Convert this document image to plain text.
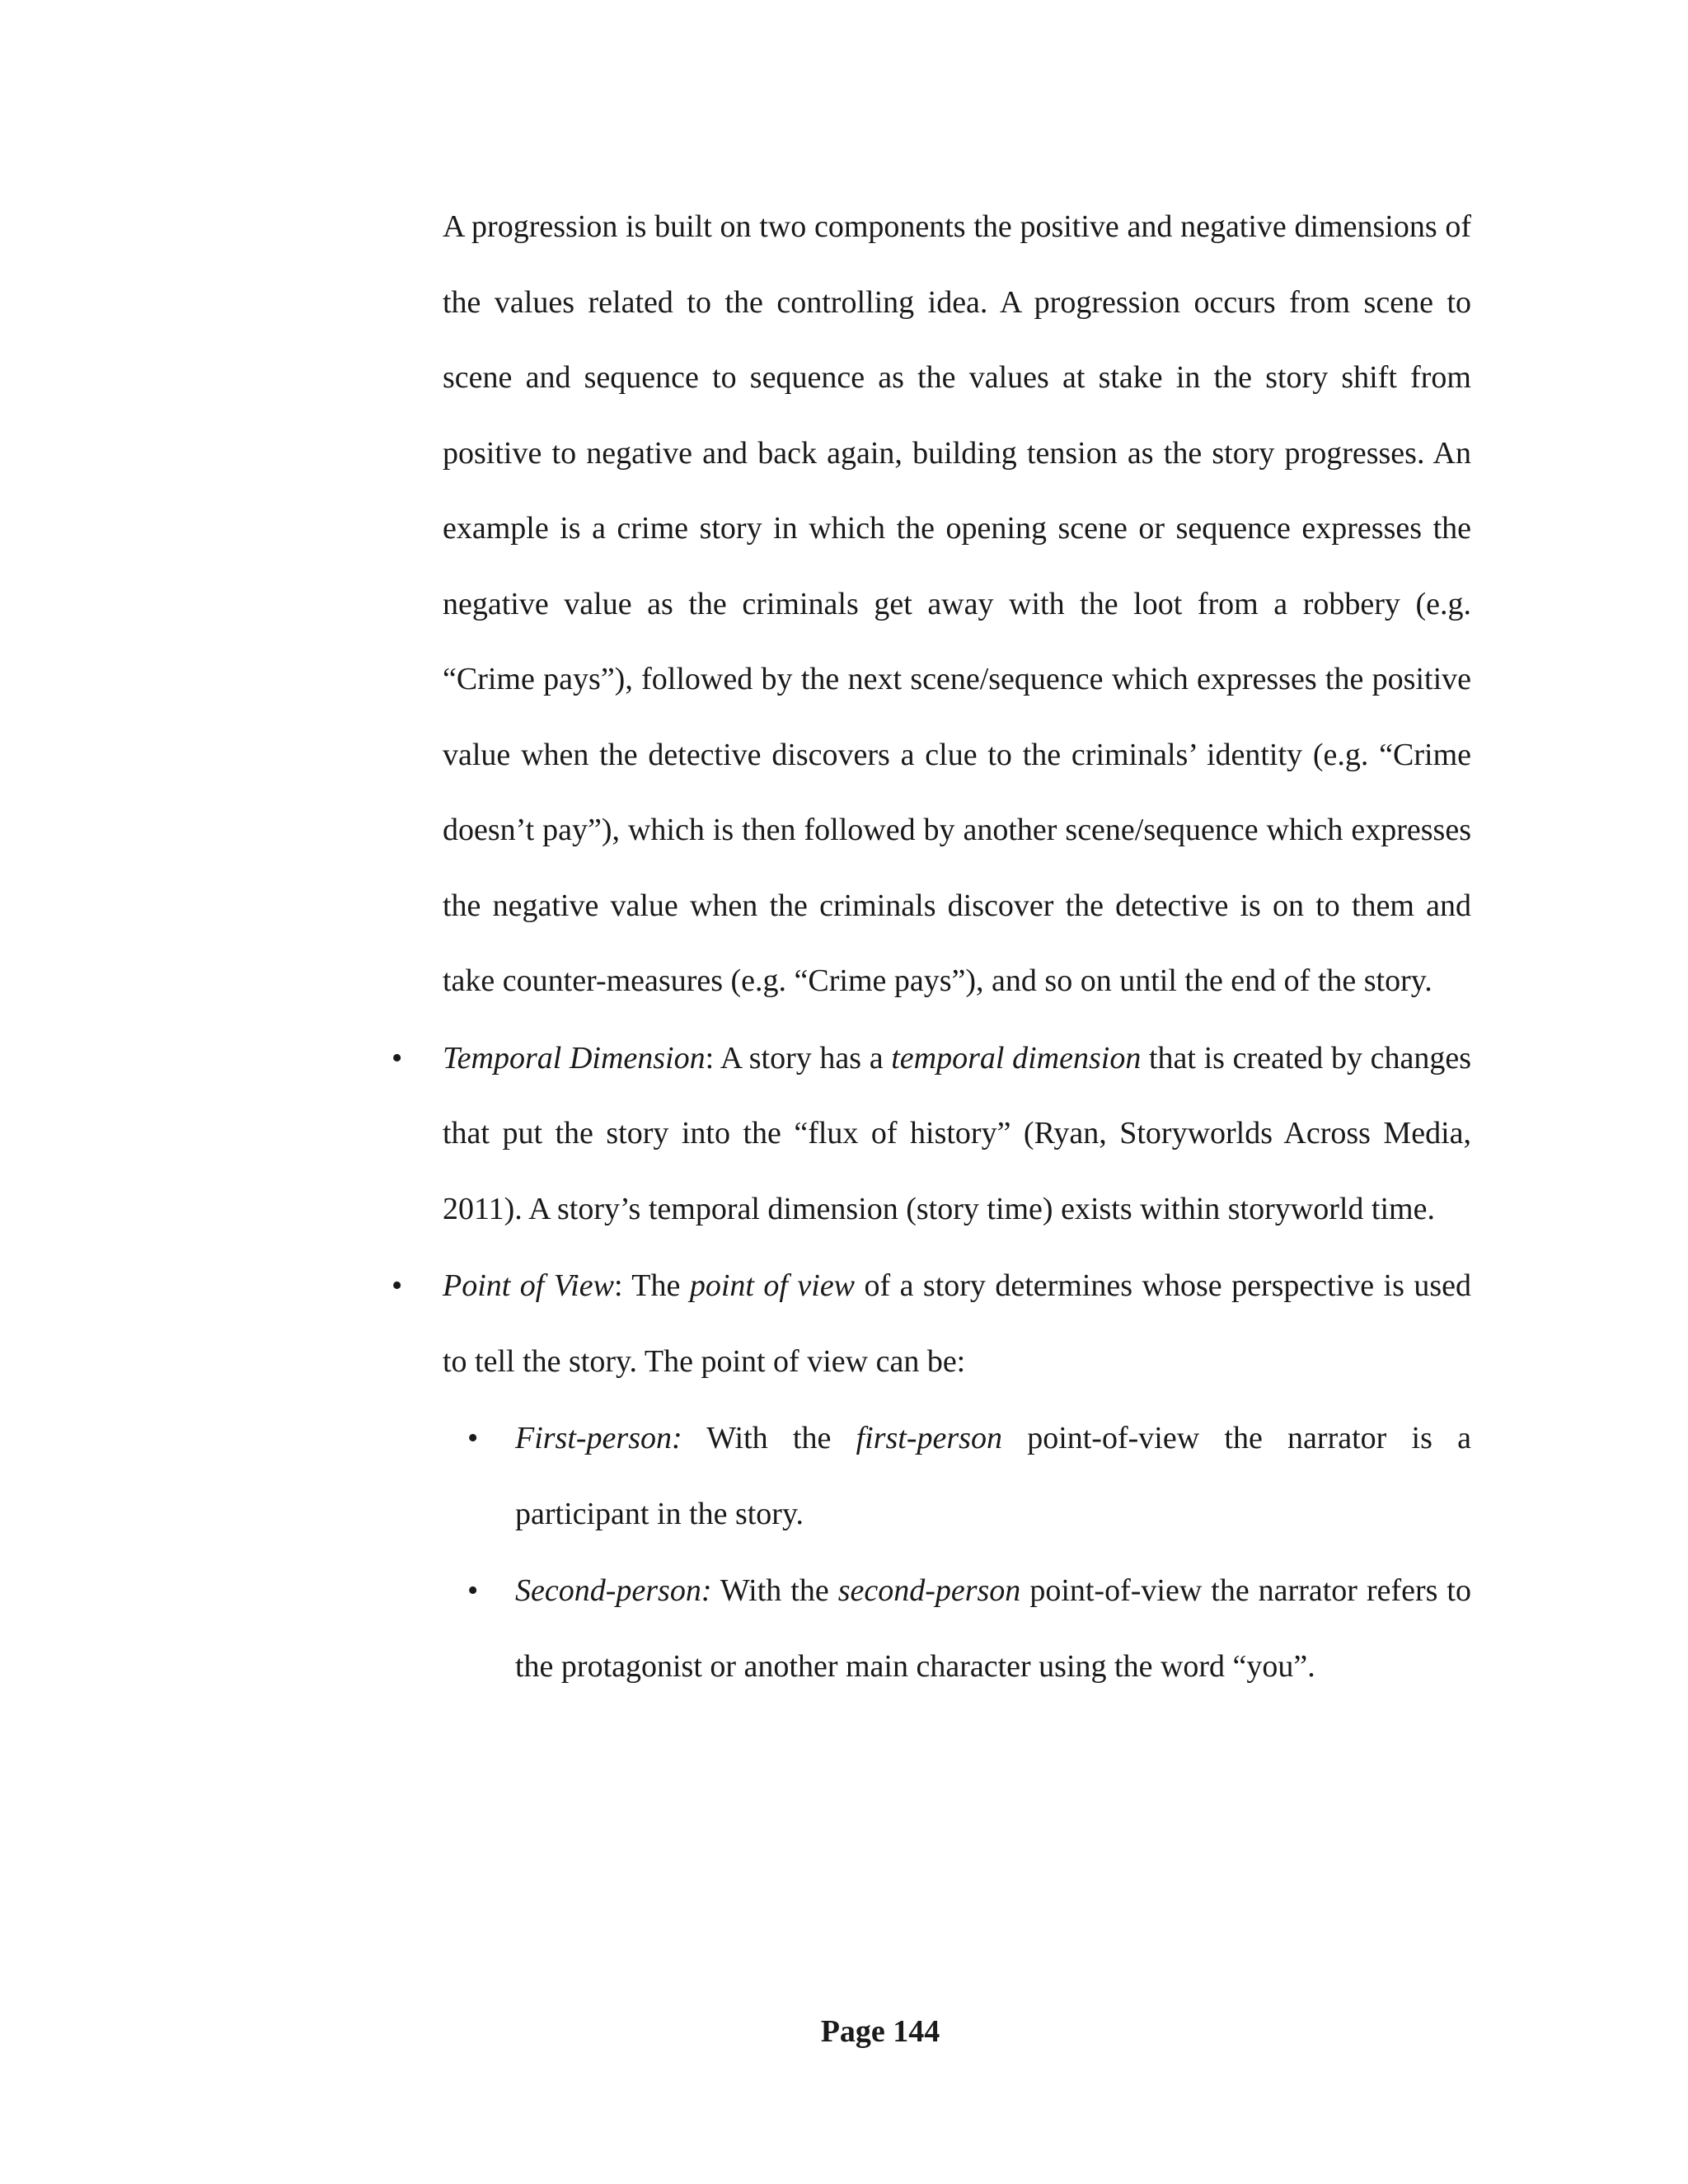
A progression is built on two components the positive and negative dimensions of the values related to the controlling idea. A progression occurs from scene to scene and sequence to sequence as the values at stake in the story shift from positive to negative and back again, building tension as the story progresses. An example is a crime story in which the opening scene or sequence expresses the negative value as the criminals get away with the loot from a robbery (e.g. “Crime pays”), followed by the next scene/sequence which expresses the positive value when the detective discovers a clue to the criminals’ identity (e.g. “Crime doesn’t pay”), which is then followed by another scene/sequence which expresses the negative value when the criminals discover the detective is on to them and take counter-measures (e.g. “Crime pays”), and so on until the end of the story.

• Temporal Dimension: A story has a temporal dimension that is created by changes that put the story into the “flux of history” (Ryan, Storyworlds Across Media, 2011). A story’s temporal dimension (story time) exists within storyworld time.

• Point of View: The point of view of a story determines whose perspective is used to tell the story. The point of view can be:

• First-person: With the first-person point-of-view the narrator is a participant in the story.

• Second-person: With the second-person point-of-view the narrator refers to the protagonist or another main character using the word “you”.

Page 144
